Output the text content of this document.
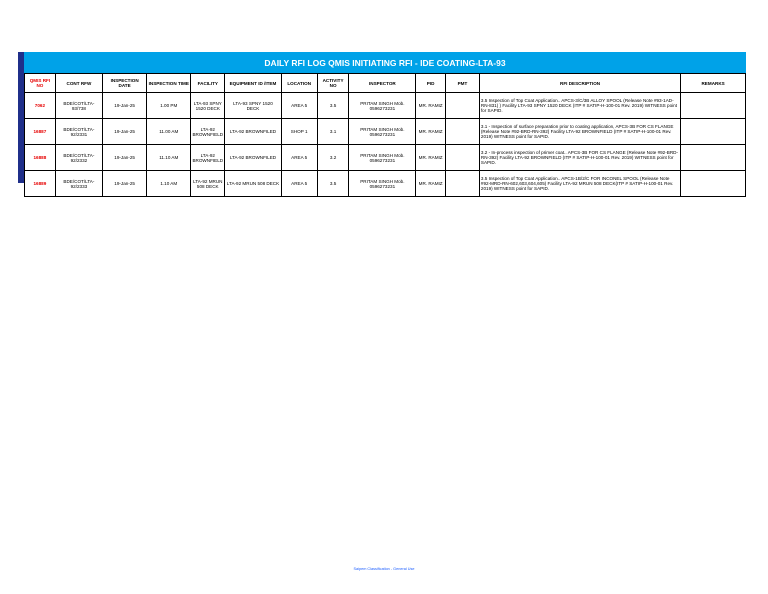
DAILY RFI LOG QMIS INITIATING RFI - IDE COATING-LTA-93
QMIS RFI NO	CONT RFW	INSPECTION DATE	INSPECTION TIME	FACILITY	EQUIPMENT ID /ITEM	LOCATION	ACTIVITY NO	INSPECTOR	PID	PMT	RFI DESCRIPTION	REMARKS
7062	BDE/COT/LTA-93/738	19-Jan-25	1.00 PM	LTA-93 SPNY 1520 DECK	LTA-93 SPNY 1520 DECK	AREA 5	3.5	PRITAM SINGH Mob. 0596273231	MR. RAMIZ		3.5 Inspection of Top Coat Application.. APCS-3/C/3B ALLOY SPOOL (Release Note #93-1AD-RN-831) ) Facility LTA-93 SPNY 1520 DECK (ITP # SATIP-H-100-01 Rev. 2019) WITNESS point for SAPID.	
16887	BDE/COT/LTA-92/2331	19-Jan-25	11.00 AM	LTA-92 BROWNFIELD	LTA-92 BROWNFILED	SHOP 1	3.1	PRITAM SINGH Mob. 0596273231	MR. RAMIZ		3.1 - Inspection of surface preparation prior to coating application, APCS-3B FOR CS FLANGE (Release Note #92-BRD-RN-392) Facility LTA-92 BROWNFIELD (ITP # SATIP-H-100-01 Rev. 2019) WITNESS point for SAPID.	
16888	BDE/COT/LTA-92/2332	19-Jan-25	11.10 AM	LTA-92 BROWNFIELD	LTA-92 BROWNFILED	AREA 5	3.2	PRITAM SINGH Mob. 0596273231	MR. RAMIZ		3.2 - In-process inspection of primer coat.. APCS-3B FOR CS FLANGE (Release Note #92-BRD-RN-392) Facility LTA-92 BROWNFIELD (ITP # SATIP-H-100-01 Rev. 2019) WITNESS point for SAPID.	
16889	BDE/COT/LTA-92/2333	19-Jan-25	1.10 AM	LTA-92 MRUN 508 DECK	LTA-92 MRUN 508 DECK	AREA 5	3.5	PRITAM SINGH Mob. 0596273231	MR. RAMIZ		3.5 Inspection of Top Coat Application.. APCS-1B/2/C FOR INCONEL SPOOL (Release Note #92-MRD-RN-602,603,604,605) Facility LTA-92 MRUN 508 DECK(ITP # SATIP-H-100-01 Rev. 2019) WITNESS point for SAPID.	
Saipem Classification - General Use
